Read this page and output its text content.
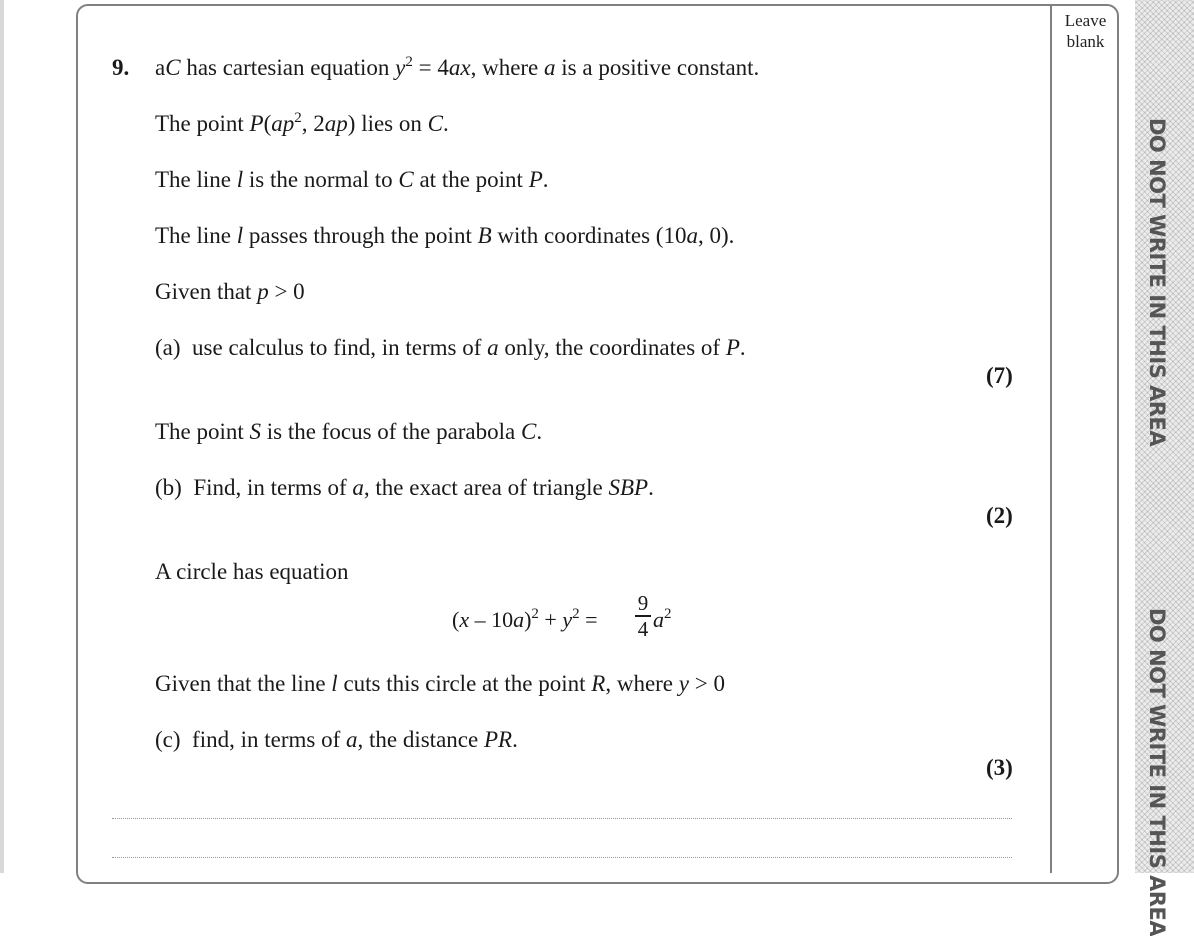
Leave blank
DO NOT WRITE IN THIS AREA
DO NOT WRITE IN THIS AREA
9. aC has cartesian equation $y^2 = 4ax$, where a is a positive constant.
The point $P(ap^2$, 2ap) lies on C.
The line l is the normal to C at the point P.
The line l passes through the point B with coordinates (10a, 0).
Given that p > 0
(a) use calculus to find, in terms of a only, the coordinates of P.
(7)
The point S is the focus of the parabola C.
(b) Find, in terms of a, the exact area of triangle SBP.
(2)
A circle has equation
$(x - 10a)^2 + y^2$ =
9
4 $a^2$
Given that the line l cuts this circle at the point R, where y > 0
(c) find, in terms of a, the distance PR.
(3)
